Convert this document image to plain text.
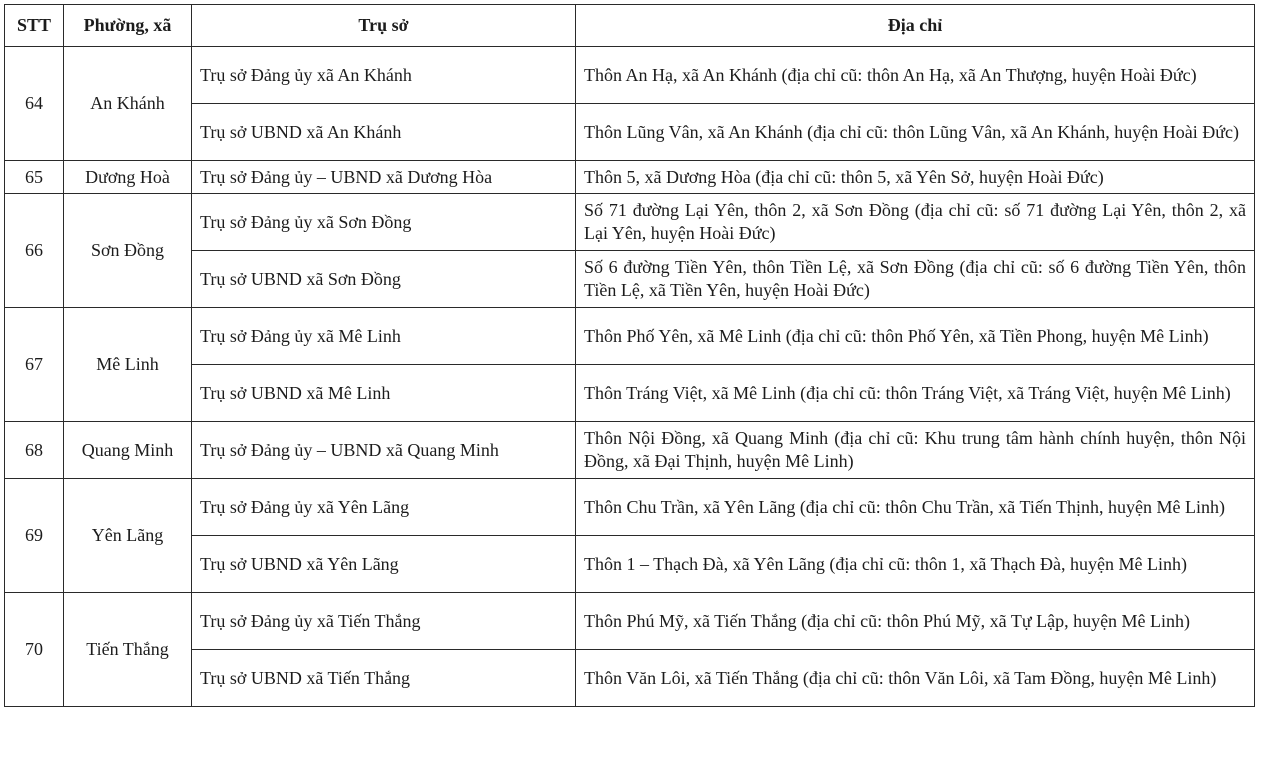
STT	Phường, xã	Trụ sở	Địa chỉ
64	An Khánh	Trụ sở Đảng ủy xã An Khánh	Thôn An Hạ, xã An Khánh (địa chỉ cũ: thôn An Hạ, xã An Thượng, huyện Hoài Đức)
		Trụ sở UBND xã An Khánh	Thôn Lũng Vân, xã An Khánh (địa chỉ cũ: thôn Lũng Vân, xã An Khánh, huyện Hoài Đức)
65	Dương Hoà	Trụ sở Đảng ủy – UBND xã Dương Hòa	Thôn 5, xã Dương Hòa (địa chỉ cũ: thôn 5, xã Yên Sở, huyện Hoài Đức)
66	Sơn Đồng	Trụ sở Đảng ủy xã Sơn Đồng	Số 71 đường Lại Yên, thôn 2, xã Sơn Đồng (địa chỉ cũ: số 71 đường Lại Yên, thôn 2, xã Lại Yên, huyện Hoài Đức)
		Trụ sở UBND xã Sơn Đồng	Số 6 đường Tiền Yên, thôn Tiền Lệ, xã Sơn Đồng (địa chỉ cũ: số 6 đường Tiền Yên, thôn Tiền Lệ, xã Tiền Yên, huyện Hoài Đức)
67	Mê Linh	Trụ sở Đảng ủy xã Mê Linh	Thôn Phố Yên, xã Mê Linh (địa chỉ cũ: thôn Phố Yên, xã Tiền Phong, huyện Mê Linh)
		Trụ sở UBND xã Mê Linh	Thôn Tráng Việt, xã Mê Linh (địa chỉ cũ: thôn Tráng Việt, xã Tráng Việt, huyện Mê Linh)
68	Quang Minh	Trụ sở Đảng ủy – UBND xã Quang Minh	Thôn Nội Đồng, xã Quang Minh (địa chỉ cũ: Khu trung tâm hành chính huyện, thôn Nội Đồng, xã Đại Thịnh, huyện Mê Linh)
69	Yên Lãng	Trụ sở Đảng ủy xã Yên Lãng	Thôn Chu Trần, xã Yên Lãng (địa chỉ cũ: thôn Chu Trần, xã Tiến Thịnh, huyện Mê Linh)
		Trụ sở UBND xã Yên Lãng	Thôn 1 – Thạch Đà, xã Yên Lãng (địa chỉ cũ: thôn 1, xã Thạch Đà, huyện Mê Linh)
70	Tiến Thắng	Trụ sở Đảng ủy xã Tiến Thắng	Thôn Phú Mỹ, xã Tiến Thắng (địa chỉ cũ: thôn Phú Mỹ, xã Tự Lập, huyện Mê Linh)
		Trụ sở UBND xã Tiến Thắng	Thôn Văn Lôi, xã Tiến Thắng (địa chỉ cũ: thôn Văn Lôi, xã Tam Đồng, huyện Mê Linh)
